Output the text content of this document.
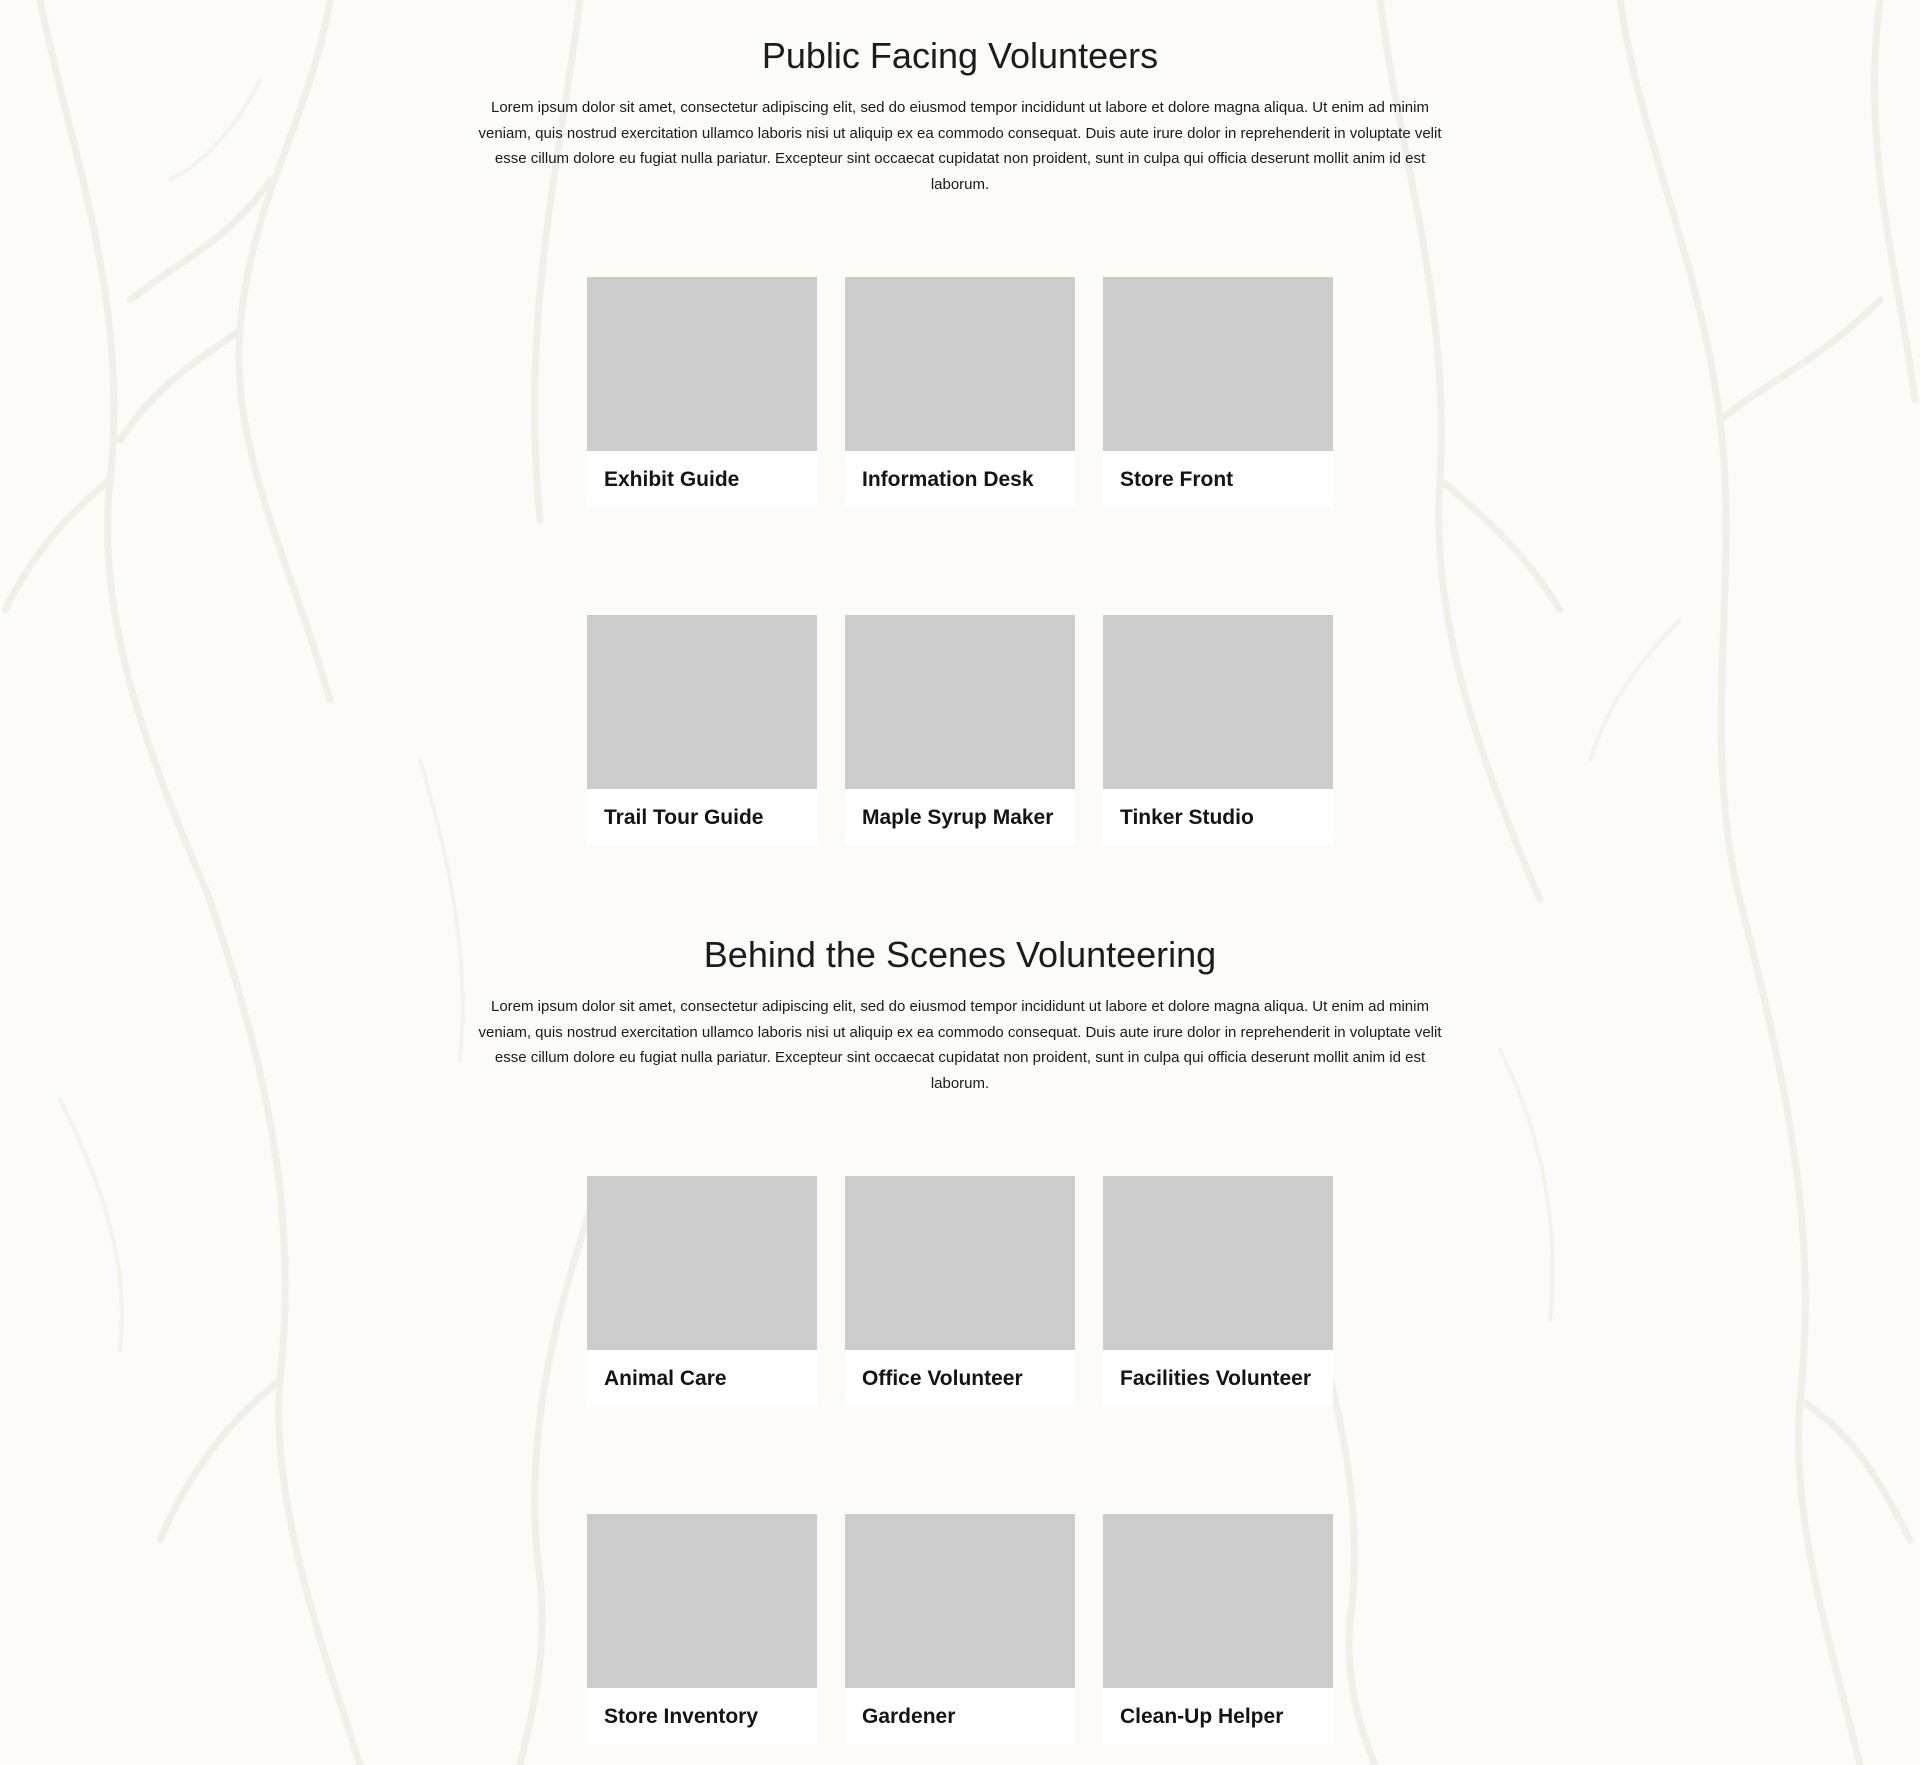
Public Facing Volunteers

Lorem ipsum dolor sit amet, consectetur adipiscing elit, sed do eiusmod tempor incididunt ut labore et dolore magna aliqua. Ut enim ad minim veniam, quis nostrud exercitation ullamco laboris nisi ut aliquip ex ea commodo consequat. Duis aute irure dolor in reprehenderit in voluptate velit esse cillum dolore eu fugiat nulla pariatur. Excepteur sint occaecat cupidatat non proident, sunt in culpa qui officia deserunt mollit anim id est laborum.

Exhibit Guide	Information Desk	Store Front
Trail Tour Guide	Maple Syrup Maker	Tinker Studio
Behind the Scenes Volunteering

Lorem ipsum dolor sit amet, consectetur adipiscing elit, sed do eiusmod tempor incididunt ut labore et dolore magna aliqua. Ut enim ad minim veniam, quis nostrud exercitation ullamco laboris nisi ut aliquip ex ea commodo consequat. Duis aute irure dolor in reprehenderit in voluptate velit esse cillum dolore eu fugiat nulla pariatur. Excepteur sint occaecat cupidatat non proident, sunt in culpa qui officia deserunt mollit anim id est laborum.

Animal Care	Office Volunteer	Facilities Volunteer
Store Inventory	Gardener	Clean-Up Helper
